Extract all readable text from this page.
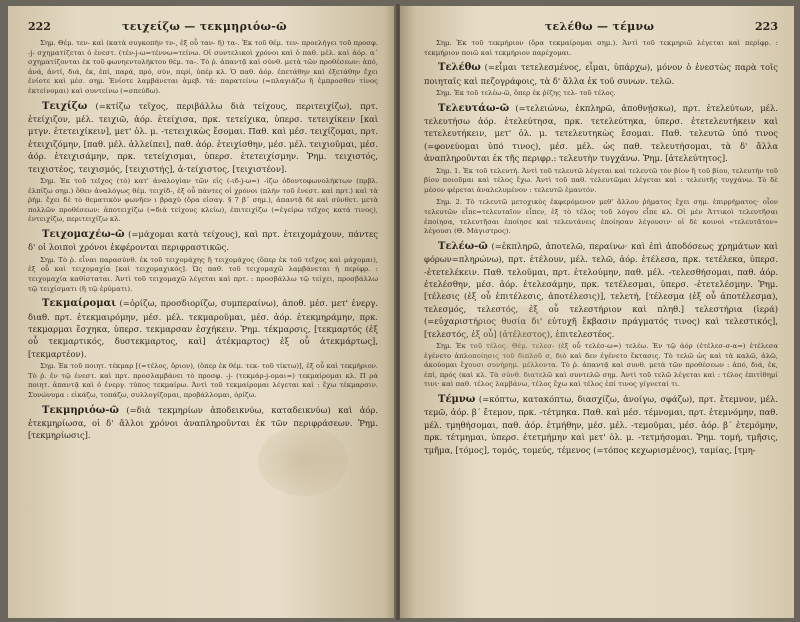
222	τειχείζω — τεκμηριόω-ῶ

Σημ. Θέμ. τεν- καὶ (κατὰ συγκοπὴν τν-, ἐξ οὗ ταν- ἢ) τα-. Ἐκ τοῦ θέμ. τεν- προελήγει τοῦ προσφ. -j- σχηματίζεται ὁ ἐνεστ. (τέν-j-ω=τέννω=τείνω. Οἱ συντελικοὶ χρόνοι καὶ ὁ παθ. μέλ. καὶ ἀόρ. α´ σχηματίζονται ἐκ τοῦ φωνηεντολήκτου θέμ. τα-. Τὸ ῥ. ἀπαντᾷ καὶ σύνθ. μετὰ τῶν προθέσεων: ἀπό, ἀνά, ἀντί, διά, ἐκ, ἐπί, παρά, πρό, σύν, περί, ὑπέρ κλ. Ὁ παθ. ἀόρ. ἐπετάθην καὶ ἐξετάθην ἔχει ἐνίοτε καὶ μέσ. σημ. Ἐνίοτε λαμβάνεται ἀμεβ. τά: παρατείνω (=πλαγιάζω ἢ ἐμπροσθεν τίνος ἐκτείνομαι) καὶ συντείνω (=σπεύδω).

Τειχίζω (=κτίζω τεῖχος, περιβάλλω διὰ τείχους, περιτειχίζω), πρτ. ἐτείχιζον, μέλ. τειχιῶ, ἀόρ. ἐτείχισα, πρκ. τετείχικα, ὑπερσ. τετειχίκειν [καὶ μτγν. ἐτετειχίκειν], μετ' ὀλ. μ. -τετειχικὼς ἔσομαι. Παθ. καὶ μέσ. τειχίζομαι, πρτ. ἐτειχιζόμην, [παθ. μέλ. ἀλλείπει], παθ. ἀόρ. ἐτειχίσθην, μέσ. μέλ. τειχιοῦμαι, μέσ. ἀόρ. ἐτειχισάμην, πρκ. τετείχισμαι, ὑπερσ. ἐτετειχίσμην. Ῥημ. τειχιστός, τειχιστέος, τειχισμός, [τειχιστής], ἀ-τείχιστος, [τειχιστέον].

Σημ. Ἐκ τοῦ τεῖχος (τό) κατ' ἀναλογίαν τῶν εἰς (-ιδ-j-ω=) -ίζω ὁδοντοφωνολήκτων (πρβλ. ἐλπίζω σημ.) ὅθεν ἀναλόγως θέμ. τειχίδ-, ἐξ οὗ πάντες οἱ χρόνοι (πλὴν τοῦ ἐνεστ. καὶ πρτ.) καὶ τὰ ῥήμ. ἔχει δὲ τὸ θεματικὸν φωνῆεν ι βραχὺ (ὅρα εἰσαγ. § 7 β´ σημ.), ἀπαντᾷ δὲ καὶ σύνθετ. μετὰ πολλῶν προθέσεων: ἀποτειχίζω (=διὰ τείχους κλείω), ἐπιτειχίζω (=ἐγείρω τεῖχος κατά τινος), ἐντειχίζω, περιτειχίζω κλ.

Τειχομαχέω-ῶ (=μάχομαι κατὰ τείχους), καὶ πρτ. ἐτειχομάχουν, πάντες δ' οἱ λοιποὶ χρόνοι ἐκφέρονται περιφραστικῶς.

Σημ. Τὸ ῥ. εἶναι παρασύνθ. ἐκ τοῦ τειχομάχης ἢ τειχομάχος (ὅπερ ἐκ τοῦ τεῖχος καὶ μάχομαι), ἐξ οὗ καὶ τειχομαχία [καὶ τειχομαχικός]. Ὡς παθ. τοῦ τειχομαχῶ λαμβάνεται ἡ περίφρ. : τειχομαχία καθίσταται. Ἀντὶ τοῦ τειχομαχῶ λέγεται καὶ πρτ. : προσβάλλω τῷ τείχει, προσβάλλω τῷ τειχίσματι (ἢ τῷ ἐρύματι).

Τεκμαίρομαι (=ὁρίζω, προσδιορίζω, συμπεραίνω), ἀποθ. μέσ. μετ' ἐνεργ. διαθ. πρτ. ἐτεκμαιρόμην, μέσ. μέλ. τεκμαροῦμαι, μέσ. ἀόρ. ἐτεκμηράμην, πρκ. τεκμαρμαι ἔσχηκα, ὑπερσ. τεκμαρσαν ἐσχήκειν. Ῥημ. τέκμαρσις, [τεκμαρτός (ἐξ οὗ τεκμαρτικός, δυστεκμαρτος, καὶ] ἀτέκμαρτος) ἐξ οὗ ἀτεκμάρτως], [τεκμαρτέον).

Σημ. Ἐκ τοῦ ποιητ. τέκμαρ [(=τέλος, ὅριον), (ὅπερ ἐκ θέμ. τεκ- τοῦ τίκτω)], ἐξ οὗ καὶ τεκμήριον. Τὸ ῥ. ἐν τῷ ἐνεστ. καὶ πρτ. προσλαμβάνει τὸ προσφ. -j- (τεκμάρ-j-ομαι=) τεκμαίρομαι κλ. Π ρά ποιητ. ἀπαντᾷ καὶ ὁ ἐνεργ. τύπος τεκμαίρω. Ἀντὶ τοῦ τεκμαίρομαι λέγεται καὶ : ἔχω τέκμαρσιν. Συνώνυμα : εἰκάζω, τοπάζω, συλλογίζομαι, προβάλλομαι, ὁρίζω.

Τεκμηριόω-ῶ (=διὰ τεκμηρίων ἀποδεικνύω, καταδεικνύω) καὶ ἀόρ. ἐτεκμηρίωσα, οἱ δ' ἄλλοι χρόνοι ἀναπληροῦνται ἐκ τῶν περιφράσεων. Ῥημ. [τεκμηρίωσις].

τελέθω — τέμνω	223

Σημ. Ἐκ τοῦ τεκμήριον (ὅρα τεκμαίρομαι σημ.). Ἀντὶ τοῦ τεκμηριῶ λέγεται καὶ περίφρ. : τεκμήριον ποιῶ καὶ τεκμήριον παρέχομαι.

Τελέθω (=εἶμαι τετελεσμένος, εἶμαι, ὑπάρχω), μόνον ὁ ἐνεστὼς παρὰ τοῖς ποιηταῖς καὶ πεζογράφοις, τὰ δ' ἄλλα ἐκ τοῦ συνων. τελῶ.

Σημ. Ἐκ τοῦ τελέω-ῶ, ὅπερ ἐκ ῥίζης τελ- τοῦ τέλος.

Τελευτάω-ῶ (=τελειώνω, ἐκπληρῶ, ἀποθνῄσκω), πρτ. ἐτελεύτων, μέλ. τελευτήσω ἀόρ. ἐτελεύτησα, πρκ. τετελεύτηκα, ὑπερσ. ἐτετελευτήκειν καὶ τετελευτήκειν, μετ' ὀλ. μ. τετελευτηκὼς ἔσομαι. Παθ. τελευτῶ ὑπό τινος (=φονεύομαι ὑπό τινος), μέσ. μέλ. ὡς παθ. τελευτήσομαι, τὰ δ' ἄλλα ἀναπληροῦνται ἐκ τῆς περιφρ.: τελευτὴν τυγχάνω. Ῥημ. [ἀτελεύτητος].

Σημ. 1. Ἐκ τοῦ τελευτή. Ἀντὶ τοῦ τελευτῶ λέγεται καὶ τελευτῶ τὸν βίον ἢ τοῦ βίου, τελευτὴν τοῦ βίου ποιοῦμαι καὶ τέλος ἔχω. Ἀντὶ τοῦ παθ. τελευτῶμαι λέγεται καὶ : τελευτῆς τυγχάνω. Τὸ δὲ μέσον φέρεται ἀναλελυμένον : τελευτῶ ἐμαυτόν.

Σημ. 2. Τὸ τελευτῶ μετοχικὸς ἐκφερόμενον μεθ' ἄλλου ῥήματος ἔχει σημ. ἐπιρρήματος· οἷον τελευτῶν εἶπε=τελευταῖον εἶπεν, ἐξ τὸ τέλος τοῦ λόγου εἶπε κλ. Οἱ μὲν Ἀττικοὶ τελευτῆσαι ἐποίησα, τελευτῆσαι ἐποίησε καὶ τελευτάνεις ἐποίησαν λέγουσιν· οἱ δὲ κοινοὶ «τελευτᾶτον» λέγουσι (Θ. Μάγιστρος).

Τελέω-ῶ (=ἐκπληρῶ, ἀποτελῶ, περαίνω· καὶ ἐπὶ ἀποδόσεως χρημάτων καὶ φόρων=πληρώνω), πρτ. ἐτέλουν, μέλ. τελῶ, ἀόρ. ἐτέλεσα, πρκ. τετέλεκα, ὑπερσ. -ἐτετελέκειν. Παθ. τελοῦμαι, πρτ. ἐτελούμην, παθ. μέλ. -τελεσθήσομαι, παθ. ἀόρ. ἐτελέσθην, μέσ. ἀόρ. ἐτελεσάμην, πρκ. τετέλεσμαι, ὑπερσ. -ἐτετελέσμην. Ῥημ. [τέλεσις (ἐξ οὗ ἐπιτέλεσις, ἀποτέλεσις)], τελετή, [τέλεσμα (ἐξ οὗ ἀποτέλεσμα), τελεσμός, τελεστός, ἐξ οὗ τελεστήριον καὶ πληθ.] τελεστήρια (ἱερά) (=εὐχαριστήριος θυσία δι' εὐτυχῆ ἔκβασιν πράγματός τινος) καὶ τελεστικός], [τελεστός, ἐξ οὗ] (ἀτέλεστος), ἐπιτελεστέος.

Σημ. Ἐκ τοῦ τέλος. Θέμ. τελεσ- (ἐξ οὗ τελέσ-ω=) τελέω. Ἐν τῷ ἀόρ (ἐτέλεσ-σ-α=) ἐτέλεσα ἐγένετο ἁπλοποίησις τοῦ διπλοῦ σ, διὸ καὶ δεν ἐγένετο ἔκτασις. Τὸ τελῶ ὡς καὶ τὰ καλῶ, ἀλῶ, ἀκούομαι ἔχουσι συνήρημ. μέλλοντα. Τὸ ῥ. ἀπαντᾷ καὶ συνθ. μετὰ τῶν προθέσεων : ἀπό, διά, ἐκ, ἐπί, πρός (καὶ κλ. Τὰ σύνθ. διατελῶ καὶ συντελῶ σημ. Ἀντὶ τοῦ τελῶ λέγεται καὶ : τέλος ἐπιτίθημί τινι· καὶ παθ. τέλος λαμβάνω, τέλος ἔχω καὶ τέλος ἐπί τινος γίγνεταί τι.

Τέμνω (=κόπτω, κατακόπτω, διασχίζω, ἀνοίγω, σφάζω), πρτ. ἔτεμνον, μέλ. τεμῶ, ἀόρ. β´ ἔτεμον, πρκ. -τέτμηκα. Παθ. καὶ μέσ. τέμνομαι, πρτ. ἐτεμνόμην, παθ. μέλ. τμηθήσομαι, παθ. ἀόρ. ἐτμήθην, μέσ. μέλ. -τεμοῦμαι, μέσ. ἀόρ. β´ ἐτεμόμην, πρκ. τέτμημαι, ὑπερσ. ἐτετμήμην καὶ μετ' ὀλ. μ. -τετμήσομαι. Ῥημ. τομή, τμῆσις, τμῆμα, [τόμος], τομός, τομεύς, τέμενος (=τόπος κεχωρισμένος), ταμίας, [τμη-
